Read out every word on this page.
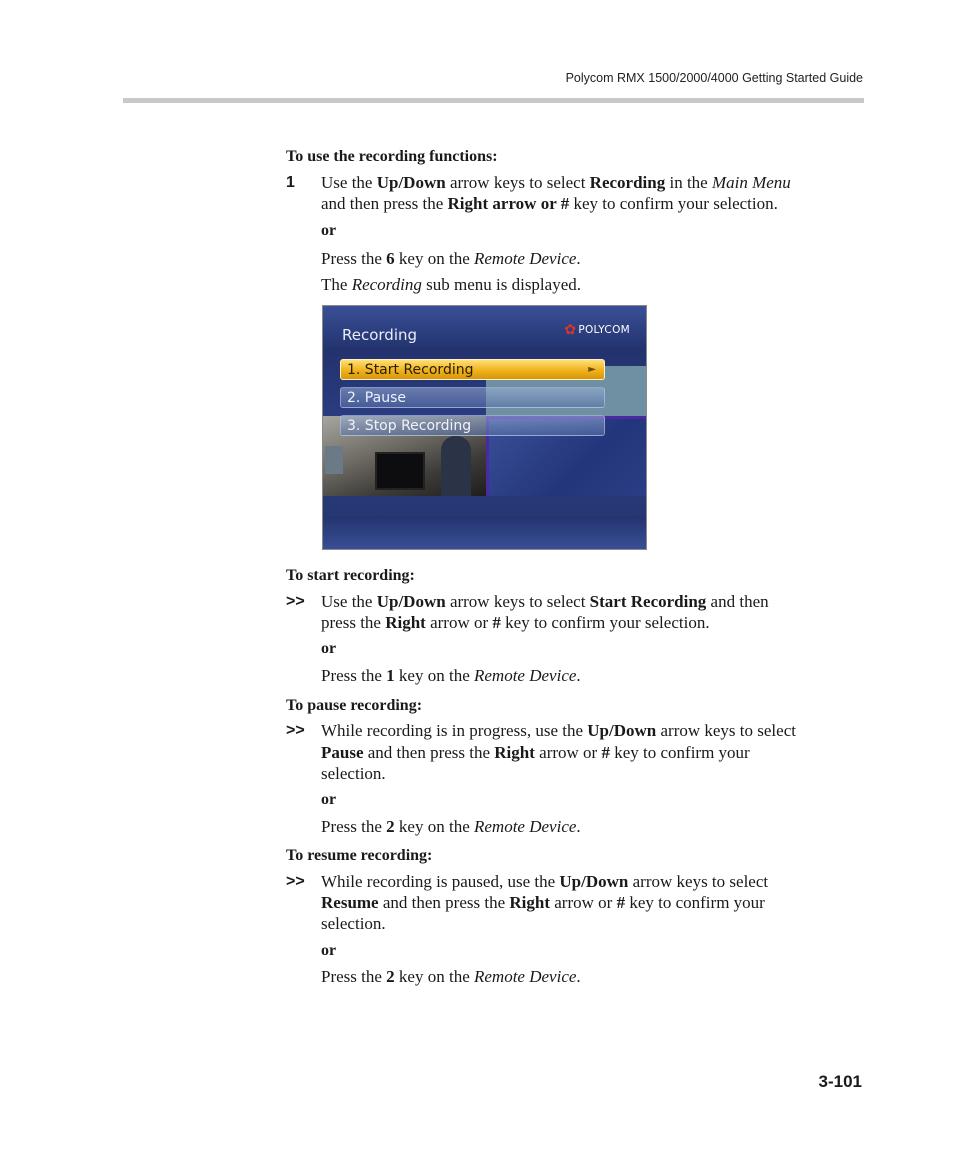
Polycom RMX 1500/2000/4000 Getting Started Guide
To use the recording functions:
1 Use the Up/Down arrow keys to select Recording in the Main Menu
and then press the Right arrow or # key to confirm your selection.
or
Press the 6 key on the Remote Device.
The Recording sub menu is displayed.
Recording	✿ POLYCOM
1. Start Recording	►
2. Pause
3. Stop Recording
To start recording:
>> Use the Up/Down arrow keys to select Start Recording and then
press the Right arrow or # key to confirm your selection.
or
Press the 1 key on the Remote Device.
To pause recording:
>> While recording is in progress, use the Up/Down arrow keys to select
Pause and then press the Right arrow or # key to confirm your
selection.
or
Press the 2 key on the Remote Device.
To resume recording:
>> While recording is paused, use the Up/Down arrow keys to select
Resume and then press the Right arrow or # key to confirm your
selection.
or
Press the 2 key on the Remote Device.
3-101
